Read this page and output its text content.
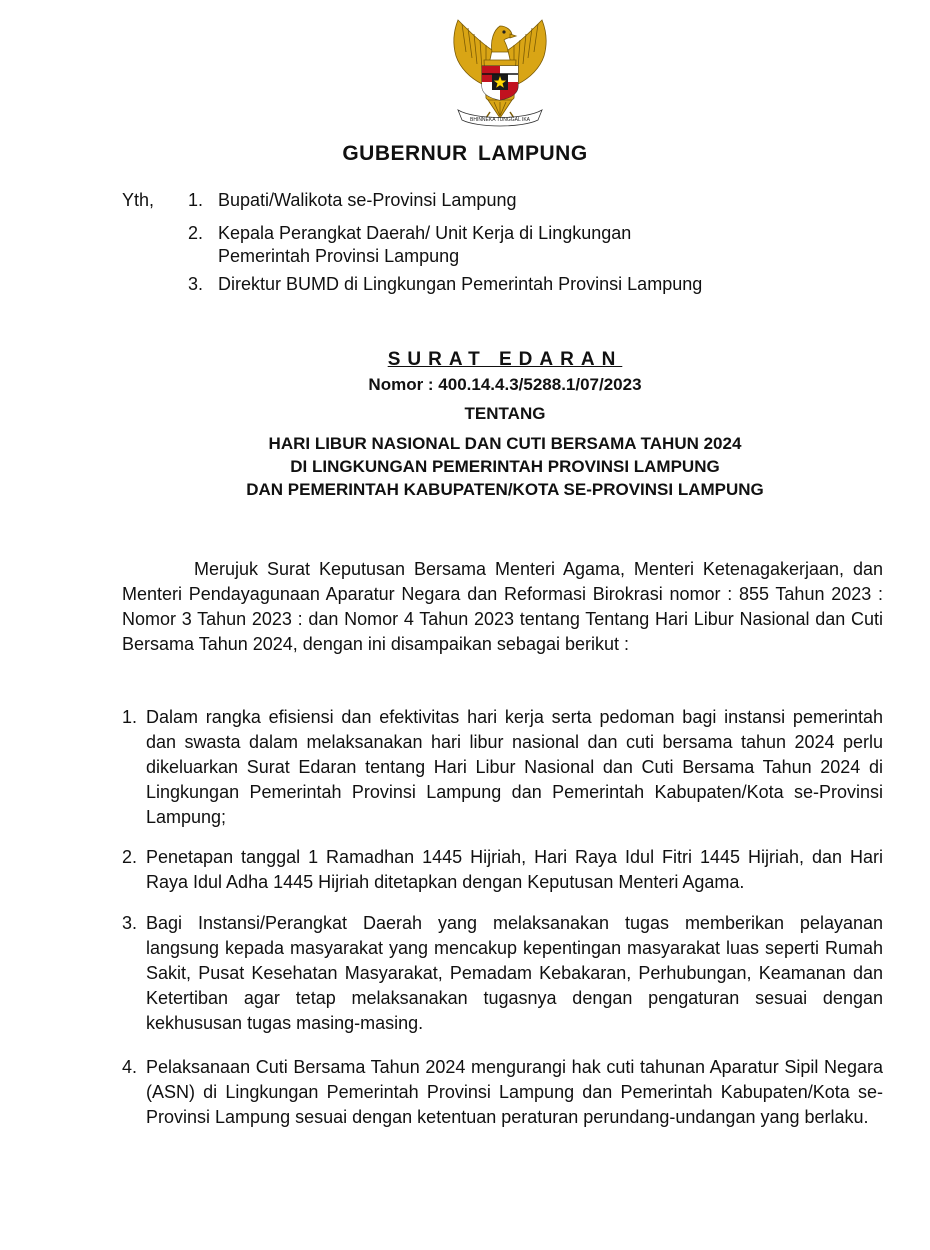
BHINNEKA TUNGGAL IKA
GUBERNUR LAMPUNG
Yth, 1. Bupati/Walikota se-Provinsi Lampung
2. Kepala Perangkat Daerah/ Unit Kerja di Lingkungan
Pemerintah Provinsi Lampung
3. Direktur BUMD di Lingkungan Pemerintah Provinsi Lampung
SURAT EDARAN
Nomor : 400.14.4.3/5288.1/07/2023
TENTANG
HARI LIBUR NASIONAL DAN CUTI BERSAMA TAHUN 2024
DI LINGKUNGAN PEMERINTAH PROVINSI LAMPUNG
DAN PEMERINTAH KABUPATEN/KOTA SE-PROVINSI LAMPUNG
Merujuk Surat Keputusan Bersama Menteri Agama, Menteri Ketenagakerjaan, dan Menteri Pendayagunaan Aparatur Negara dan Reformasi Birokrasi nomor : 855 Tahun 2023 : Nomor 3 Tahun 2023 : dan Nomor 4 Tahun 2023 tentang Tentang Hari Libur Nasional dan Cuti Bersama Tahun 2024, dengan ini disampaikan sebagai berikut :
1. Dalam rangka efisiensi dan efektivitas hari kerja serta pedoman bagi instansi pemerintah dan swasta dalam melaksanakan hari libur nasional dan cuti bersama tahun 2024 perlu dikeluarkan Surat Edaran tentang Hari Libur Nasional dan Cuti Bersama Tahun 2024 di Lingkungan Pemerintah Provinsi Lampung dan Pemerintah Kabupaten/Kota se-Provinsi Lampung;
2. Penetapan tanggal 1 Ramadhan 1445 Hijriah, Hari Raya Idul Fitri 1445 Hijriah, dan Hari Raya Idul Adha 1445 Hijriah ditetapkan dengan Keputusan Menteri Agama.
3. Bagi Instansi/Perangkat Daerah yang melaksanakan tugas memberikan pelayanan langsung kepada masyarakat yang mencakup kepentingan masyarakat luas seperti Rumah Sakit, Pusat Kesehatan Masyarakat, Pemadam Kebakaran, Perhubungan, Keamanan dan Ketertiban agar tetap melaksanakan tugasnya dengan pengaturan sesuai dengan kekhususan tugas masing-masing.
4. Pelaksanaan Cuti Bersama Tahun 2024 mengurangi hak cuti tahunan Aparatur Sipil Negara (ASN) di Lingkungan Pemerintah Provinsi Lampung dan Pemerintah Kabupaten/Kota se-Provinsi Lampung sesuai dengan ketentuan peraturan perundang-undangan yang berlaku.
